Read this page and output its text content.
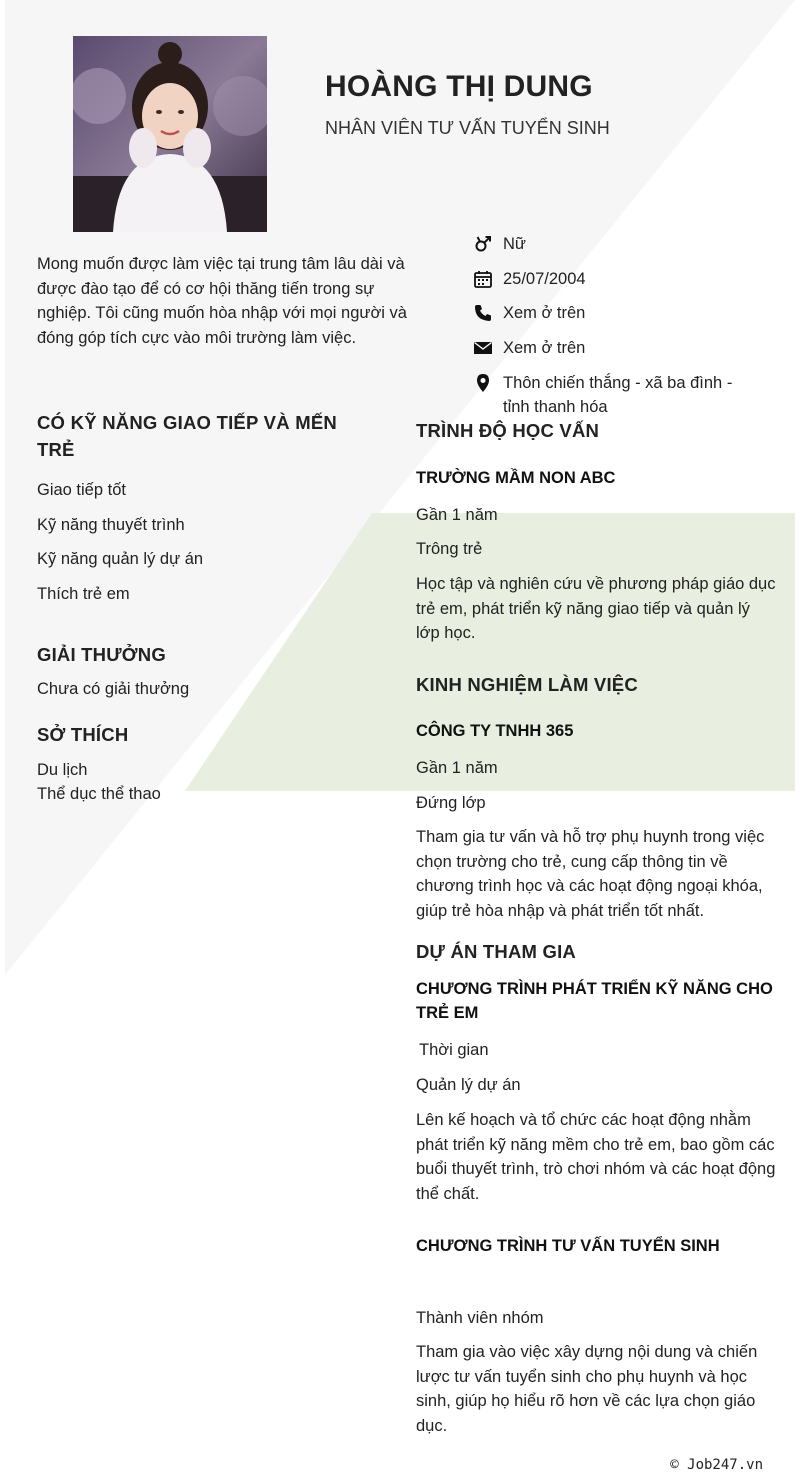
HOÀNG THỊ DUNG
NHÂN VIÊN TƯ VẤN TUYỂN SINH
Mong muốn được làm việc tại trung tâm lâu dài và được đào tạo để có cơ hội thăng tiến trong sự nghiệp. Tôi cũng muốn hòa nhập với mọi người và đóng góp tích cực vào môi trường làm việc.
Nữ
25/07/2004
Xem ở trên
Xem ở trên
Thôn chiến thắng - xã ba đình - tỉnh thanh hóa
CÓ KỸ NĂNG GIAO TIẾP VÀ MẾN TRẺ
Giao tiếp tốt
Kỹ năng thuyết trình
Kỹ năng quản lý dự án
Thích trẻ em
GIẢI THƯỞNG
Chưa có giải thưởng
SỞ THÍCH
Du lịch
Thể dục thể thao
TRÌNH ĐỘ HỌC VẤN
TRƯỜNG MẦM NON ABC
Gần 1 năm
Trông trẻ
Học tập và nghiên cứu về phương pháp giáo dục trẻ em, phát triển kỹ năng giao tiếp và quản lý lớp học.
KINH NGHIỆM LÀM VIỆC
CÔNG TY TNHH 365
Gần 1 năm
Đứng lớp
Tham gia tư vấn và hỗ trợ phụ huynh trong việc chọn trường cho trẻ, cung cấp thông tin về chương trình học và các hoạt động ngoại khóa, giúp trẻ hòa nhập và phát triển tốt nhất.
DỰ ÁN THAM GIA
CHƯƠNG TRÌNH PHÁT TRIỂN KỸ NĂNG CHO TRẺ EM
Thời gian
Quản lý dự án
Lên kế hoạch và tổ chức các hoạt động nhằm phát triển kỹ năng mềm cho trẻ em, bao gồm các buổi thuyết trình, trò chơi nhóm và các hoạt động thể chất.
CHƯƠNG TRÌNH TƯ VẤN TUYỂN SINH
Thành viên nhóm
Tham gia vào việc xây dựng nội dung và chiến lược tư vấn tuyển sinh cho phụ huynh và học sinh, giúp họ hiểu rõ hơn về các lựa chọn giáo dục.
© Job247.vn
